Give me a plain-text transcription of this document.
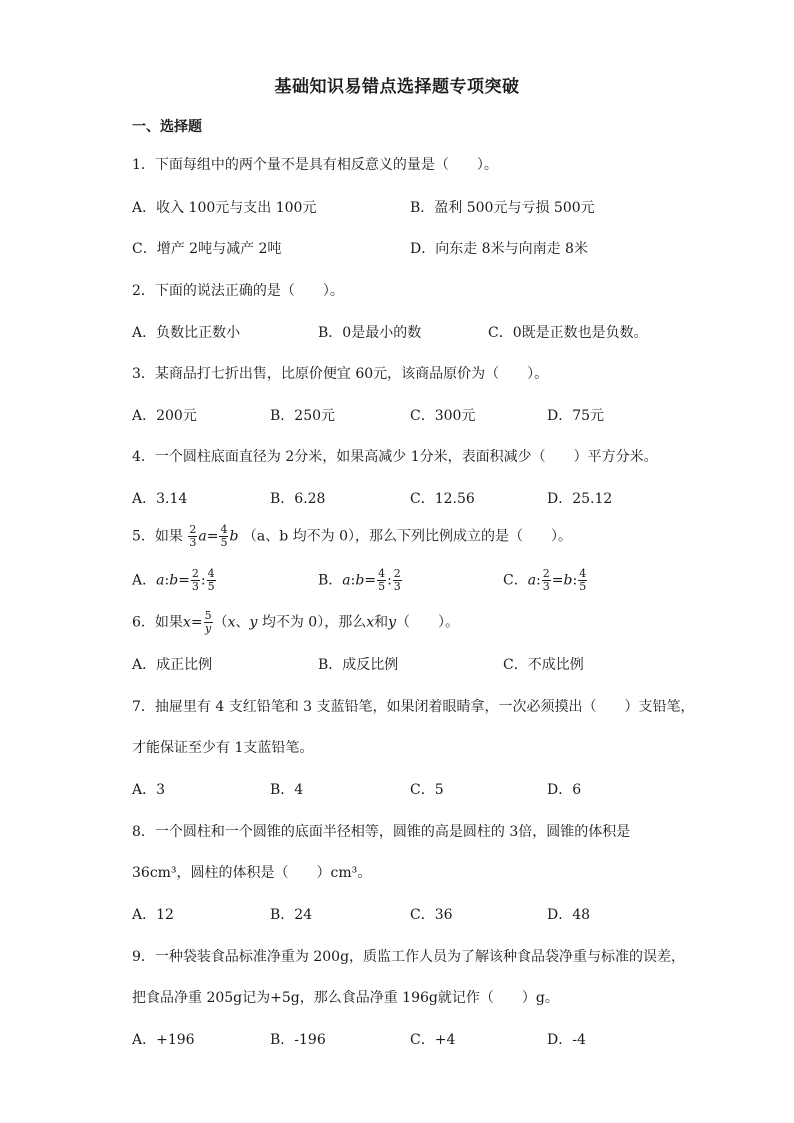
基础知识易错点选择题专项突破
一、选择题
1．下面每组中的两个量不是具有相反意义的量是（　　）。
A．收入 100元与支出 100元	B．盈利 500元与亏损 500元
C．增产 2吨与减产 2吨	D．向东走 8米与向南走 8米
2．下面的说法正确的是（　　）。
A．负数比正数小	B．0是最小的数	C．0既是正数也是负数。
3．某商品打七折出售，比原价便宜 60元，该商品原价为（　　）。
A．200元	B．250元	C．300元	D．75元
4．一个圆柱底面直径为 2分米，如果高减少 1分米，表面积减少（　　）平方分米。
A．3.14	B．6.28	C．12.56	D．25.12
5．如果 $\frac{2}{3} a= \frac{4}{5}$ b （a、b 均不为 0），那么下列比例成立的是（　　）。
A．a:b= $\frac{2}{3}$ : $\frac{4}{5}$	B．a:b= $\frac{4}{5}$ : $\frac{2}{3}$	C．a: $\frac{2}{3} =b$: $\frac{4}{5}$
6．如果$x= \frac{5}{y} (x$、y 均不为 0），那么x和y（　　）。
A．成正比例	B．成反比例	C．不成比例
7．抽屉里有 4 支红铅笔和 3 支蓝铅笔，如果闭着眼睛拿，一次必须摸出（　　）支铅笔，
才能保证至少有 1支蓝铅笔。
A．3	B．4	C．5	D．6
8．一个圆柱和一个圆锥的底面半径相等，圆锥的高是圆柱的 3倍，圆锥的体积是
36cm³，圆柱的体积是（　　）cm³。
A．12	B．24	C．36	D．48
9．一种袋装食品标准净重为 200g，质监工作人员为了解该种食品袋净重与标准的误差，
把食品净重 205g记为+5g，那么食品净重 196g就记作（　　）g。
A．+196	B．-196	C．+4	D．-4
